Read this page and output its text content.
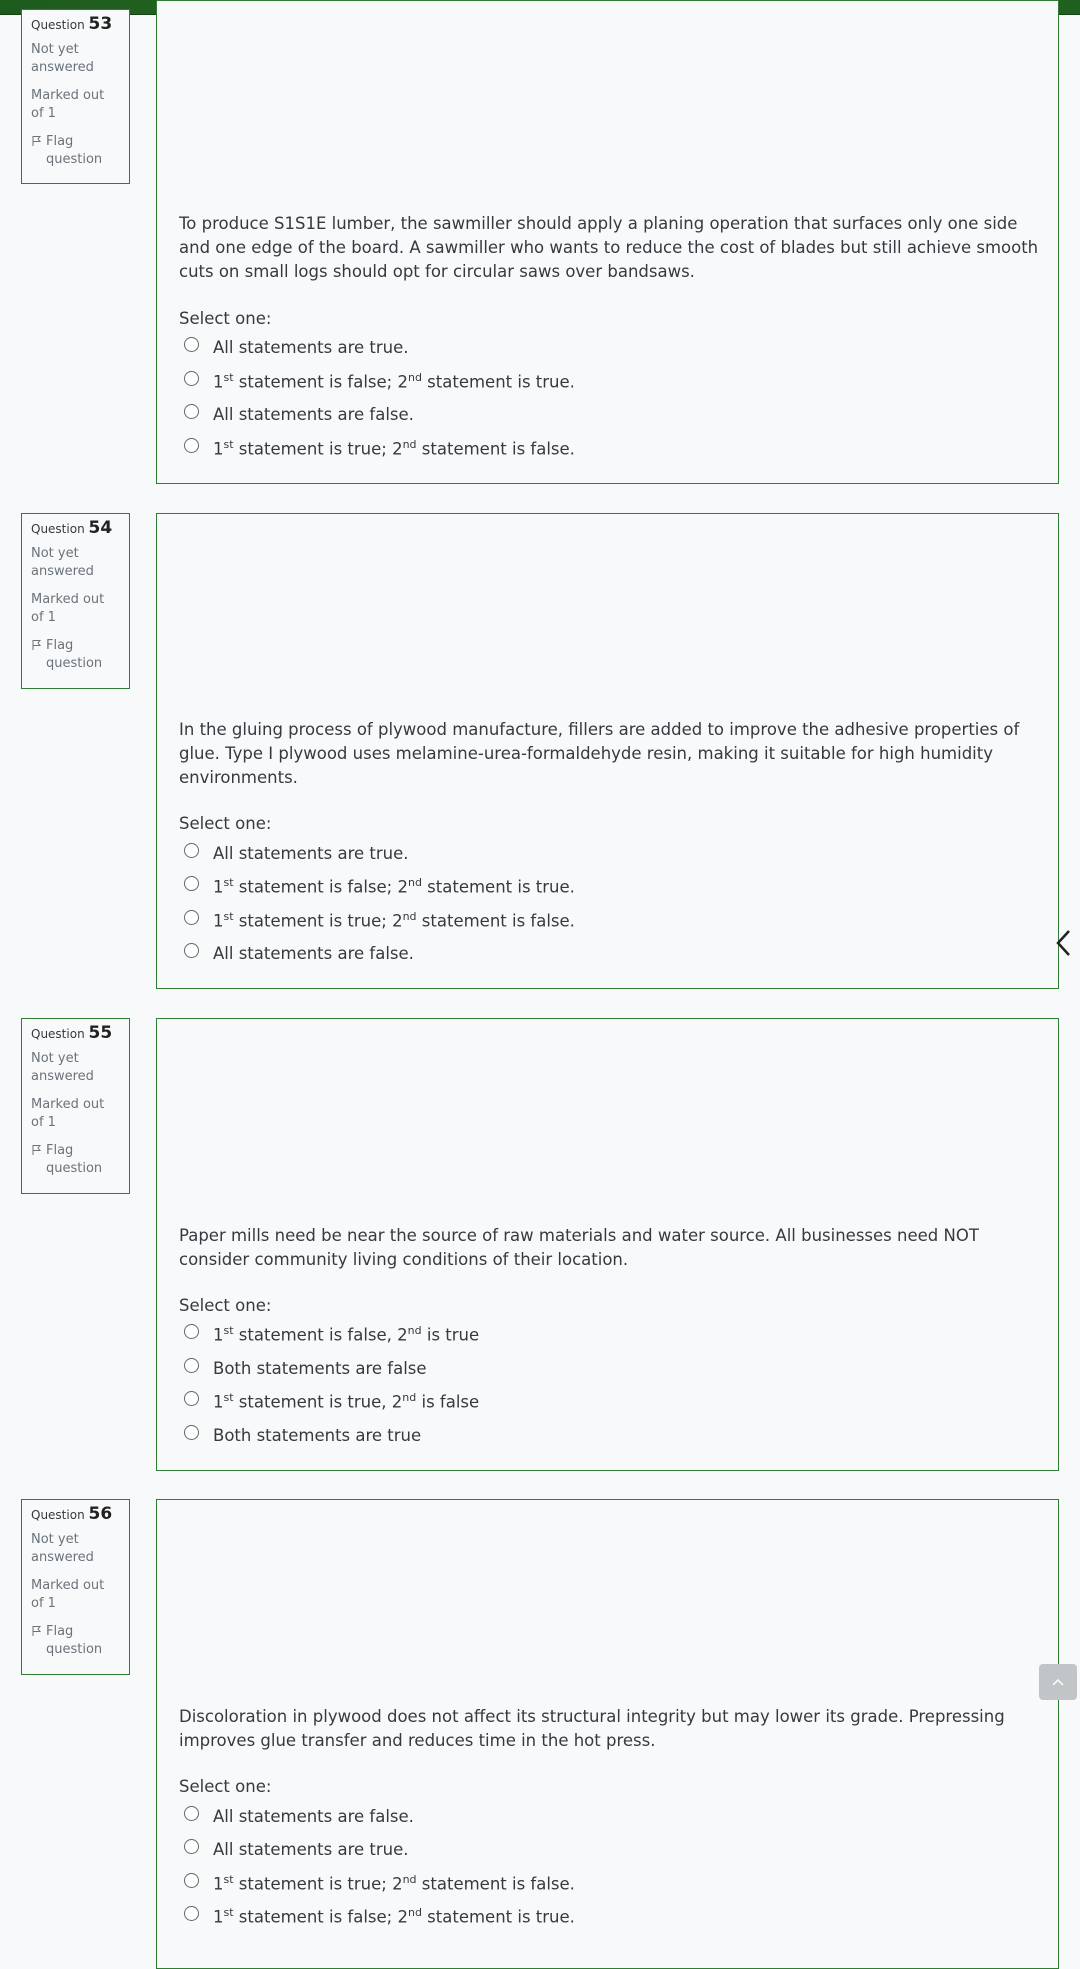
Question 53
Not yet answered
Marked out of 1
Flag question
To produce S1S1E lumber, the sawmiller should apply a planing operation that surfaces only one side and one edge of the board. A sawmiller who wants to reduce the cost of blades but still achieve smooth cuts on small logs should opt for circular saws over bandsaws.
Select one:
All statements are true.
1st statement is false; 2nd statement is true.
All statements are false.
1st statement is true; 2nd statement is false.
Question 54
Not yet answered
Marked out of 1
Flag question
In the gluing process of plywood manufacture, fillers are added to improve the adhesive properties of glue. Type I plywood uses melamine-urea-formaldehyde resin, making it suitable for high humidity environments.
Select one:
All statements are true.
1st statement is false; 2nd statement is true.
1st statement is true; 2nd statement is false.
All statements are false.
Question 55
Not yet answered
Marked out of 1
Flag question
Paper mills need be near the source of raw materials and water source. All businesses need NOT consider community living conditions of their location.
Select one:
1st statement is false, 2nd is true
Both statements are false
1st statement is true, 2nd is false
Both statements are true
Question 56
Not yet answered
Marked out of 1
Flag question
Discoloration in plywood does not affect its structural integrity but may lower its grade. Prepressing improves glue transfer and reduces time in the hot press.
Select one:
All statements are false.
All statements are true.
1st statement is true; 2nd statement is false.
1st statement is false; 2nd statement is true.
